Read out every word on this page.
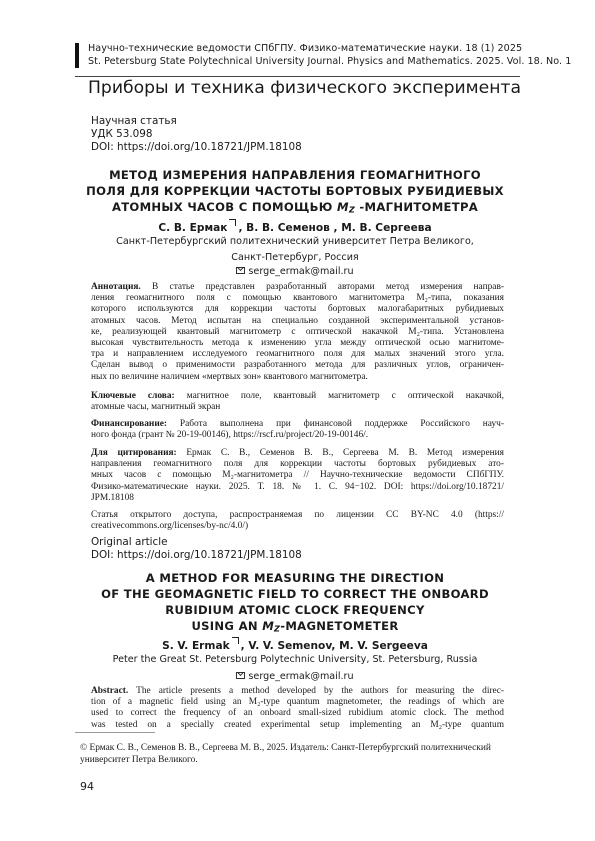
Научно-технические ведомости СПбГПУ. Физико-математические науки. 18 (1) 2025
St. Petersburg State Polytechnical University Journal. Physics and Mathematics. 2025. Vol. 18. No. 1
Приборы и техника физического эксперимента
Научная статья
УДК 53.098
DOI: https://doi.org/10.18721/JPM.18108
МЕТОД ИЗМЕРЕНИЯ НАПРАВЛЕНИЯ ГЕОМАГНИТНОГО
ПОЛЯ ДЛЯ КОРРЕКЦИИ ЧАСТОТЫ БОРТОВЫХ РУБИДИЕВЫХ
АТОМНЫХ ЧАСОВ С ПОМОЩЬЮ $M_Z$ -МАГНИТОМЕТРА
С. В. Ермак , В. В. Семенов , М. В. Сергеева
Санкт-Петербургский политехнический университет Петра Великого,
Санкт-Петербург, Россия
serge_ermak@mail.ru
Аннотация. В статье представлен разработанный авторами метод измерения направ-
ления геомагнитного поля с помощью квантового магнитометра M₂-типа, показания
которого используются для коррекции частоты бортовых малогабаритных рубидиевых
атомных часов. Метод испытан на специально созданной экспериментальной установ-
ке, реализующей квантовый магнитометр с оптической накачкой M₂-типа. Установлена
высокая чувствительность метода к изменению угла между оптической осью магнитоме-
тра и направлением исследуемого геомагнитного поля для малых значений этого угла.
Сделан вывод о применимости разработанного метода для различных углов, ограничен-
ных по величине наличием «мертвых зон» квантового магнитометра.
Ключевые слова: магнитное поле, квантовый магнитометр с оптической накачкой,
атомные часы, магнитный экран
Финансирование: Работа выполнена при финансовой поддержке Российского науч-
ного фонда (грант № 20-19-00146), https://rscf.ru/project/20-19-00146/.
Для цитирования: Ермак С. В., Семенов В. В., Сергеева М. В. Метод измерения
направления геомагнитного поля для коррекции частоты бортовых рубидиевых ато-
мных часов с помощью M₂-магнитометра // Научно-технические ведомости СПбГПУ.
Физико-математические науки. 2025. Т. 18. № 1. С. 94−102. DOI: https://doi.org/10.18721/
JPM.18108
Статья открытого доступа, распространяемая по лицензии CC BY-NC 4.0 (https://
creativecommons.org/licenses/by-nc/4.0/)
Original article
DOI: https://doi.org/10.18721/JPM.18108
A METHOD FOR MEASURING THE DIRECTION
OF THE GEOMAGNETIC FIELD TO CORRECT THE ONBOARD
RUBIDIUM ATOMIC CLOCK FREQUENCY
USING AN $M_Z$-MAGNETOMETER
S. V. Ermak , V. V. Semenov, M. V. Sergeeva
Peter the Great St. Petersburg Polytechnic University, St. Petersburg, Russia
serge_ermak@mail.ru
Abstract. The article presents a method developed by the authors for measuring the direc-
tion of a magnetic field using an M₂-type quantum magnetometer, the readings of which are
used to correct the frequency of an onboard small-sized rubidium atomic clock. The method
was tested on a specially created experimental setup implementing an M₂-type quantum
© Ермак С. В., Семенов В. В., Сергеева М. В., 2025. Издатель: Санкт-Петербургский политехнический
университет Петра Великого.
94
